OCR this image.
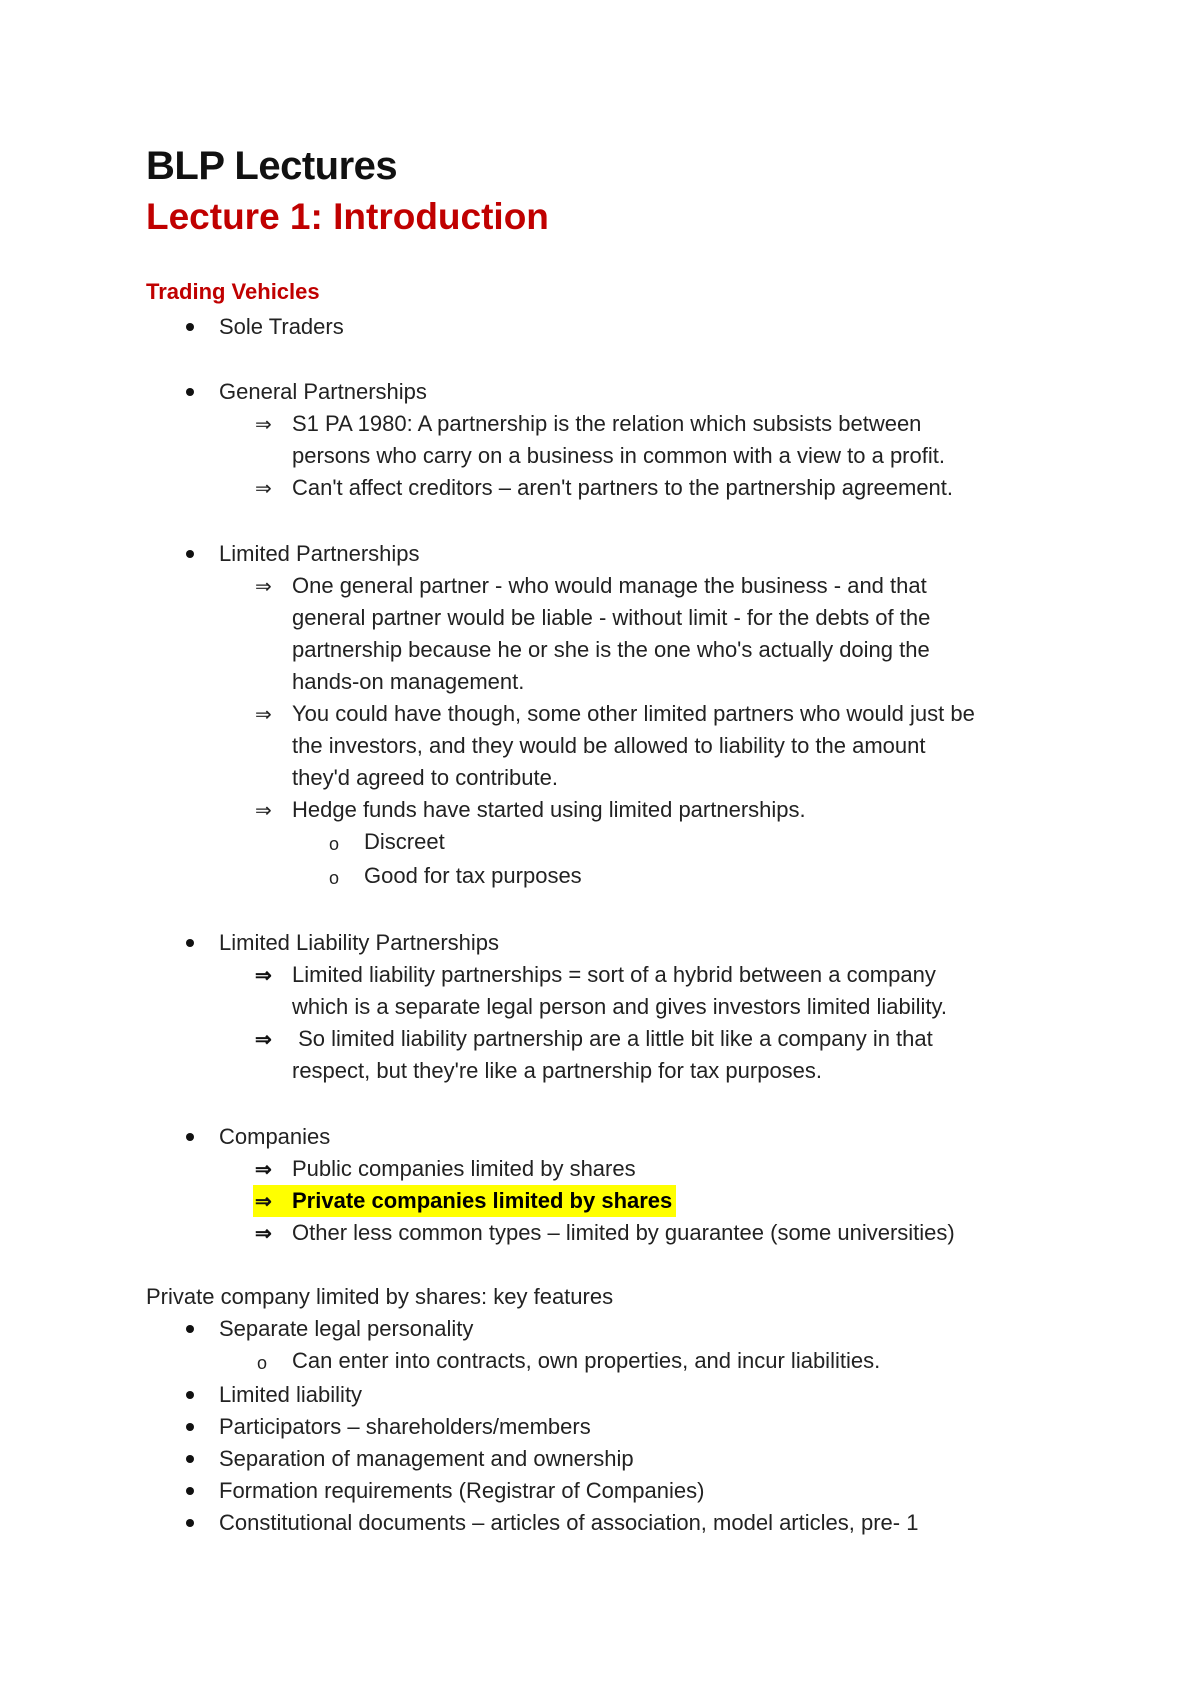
BLP Lectures
Lecture 1: Introduction
Trading Vehicles
Sole Traders
General Partnerships
⇒ S1 PA 1980: A partnership is the relation which subsists between
persons who carry on a business in common with a view to a profit.
⇒ Can't affect creditors – aren't partners to the partnership agreement.
Limited Partnerships
⇒ One general partner - who would manage the business - and that
general partner would be liable - without limit - for the debts of the
partnership because he or she is the one who's actually doing the
hands-on management.
⇒ You could have though, some other limited partners who would just be
the investors, and they would be allowed to liability to the amount
they'd agreed to contribute.
⇒ Hedge funds have started using limited partnerships.
o Discreet
o Good for tax purposes
Limited Liability Partnerships
⇒ Limited liability partnerships = sort of a hybrid between a company
which is a separate legal person and gives investors limited liability.
⇒ So limited liability partnership are a little bit like a company in that
respect, but they're like a partnership for tax purposes.
Companies
⇒ Public companies limited by shares
⇒ Private companies limited by shares
⇒ Other less common types – limited by guarantee (some universities)
Private company limited by shares: key features
Separate legal personality
o Can enter into contracts, own properties, and incur liabilities.
Limited liability
Participators – shareholders/members
Separation of management and ownership
Formation requirements (Registrar of Companies)
Constitutional documents – articles of association, model articles, pre- 1
